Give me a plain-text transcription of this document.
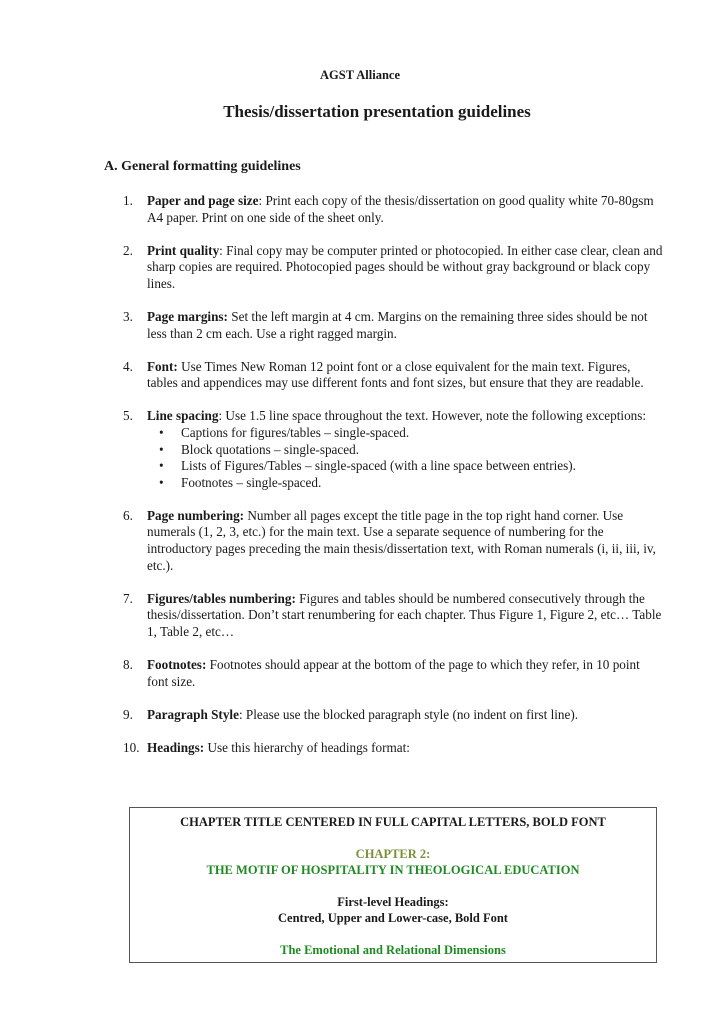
AGST Alliance
Thesis/dissertation presentation guidelines
A. General formatting guidelines
1. Paper and page size: Print each copy of the thesis/dissertation on good quality white 70-80gsm A4 paper. Print on one side of the sheet only.
2. Print quality: Final copy may be computer printed or photocopied. In either case clear, clean and sharp copies are required. Photocopied pages should be without gray background or black copy lines.
3. Page margins: Set the left margin at 4 cm. Margins on the remaining three sides should be not less than 2 cm each. Use a right ragged margin.
4. Font: Use Times New Roman 12 point font or a close equivalent for the main text. Figures, tables and appendices may use different fonts and font sizes, but ensure that they are readable.
5. Line spacing: Use 1.5 line space throughout the text. However, note the following exceptions:
• Captions for figures/tables – single-spaced.
• Block quotations – single-spaced.
• Lists of Figures/Tables – single-spaced (with a line space between entries).
• Footnotes – single-spaced.
6. Page numbering: Number all pages except the title page in the top right hand corner. Use numerals (1, 2, 3, etc.) for the main text. Use a separate sequence of numbering for the introductory pages preceding the main thesis/dissertation text, with Roman numerals (i, ii, iii, iv, etc.).
7. Figures/tables numbering: Figures and tables should be numbered consecutively through the thesis/dissertation. Don’t start renumbering for each chapter. Thus Figure 1, Figure 2, etc… Table 1, Table 2, etc…
8. Footnotes: Footnotes should appear at the bottom of the page to which they refer, in 10 point font size.
9. Paragraph Style: Please use the blocked paragraph style (no indent on first line).
10. Headings: Use this hierarchy of headings format:
CHAPTER TITLE CENTERED IN FULL CAPITAL LETTERS, BOLD FONT
CHAPTER 2:
THE MOTIF OF HOSPITALITY IN THEOLOGICAL EDUCATION
First-level Headings:
Centred, Upper and Lower-case, Bold Font
The Emotional and Relational Dimensions
